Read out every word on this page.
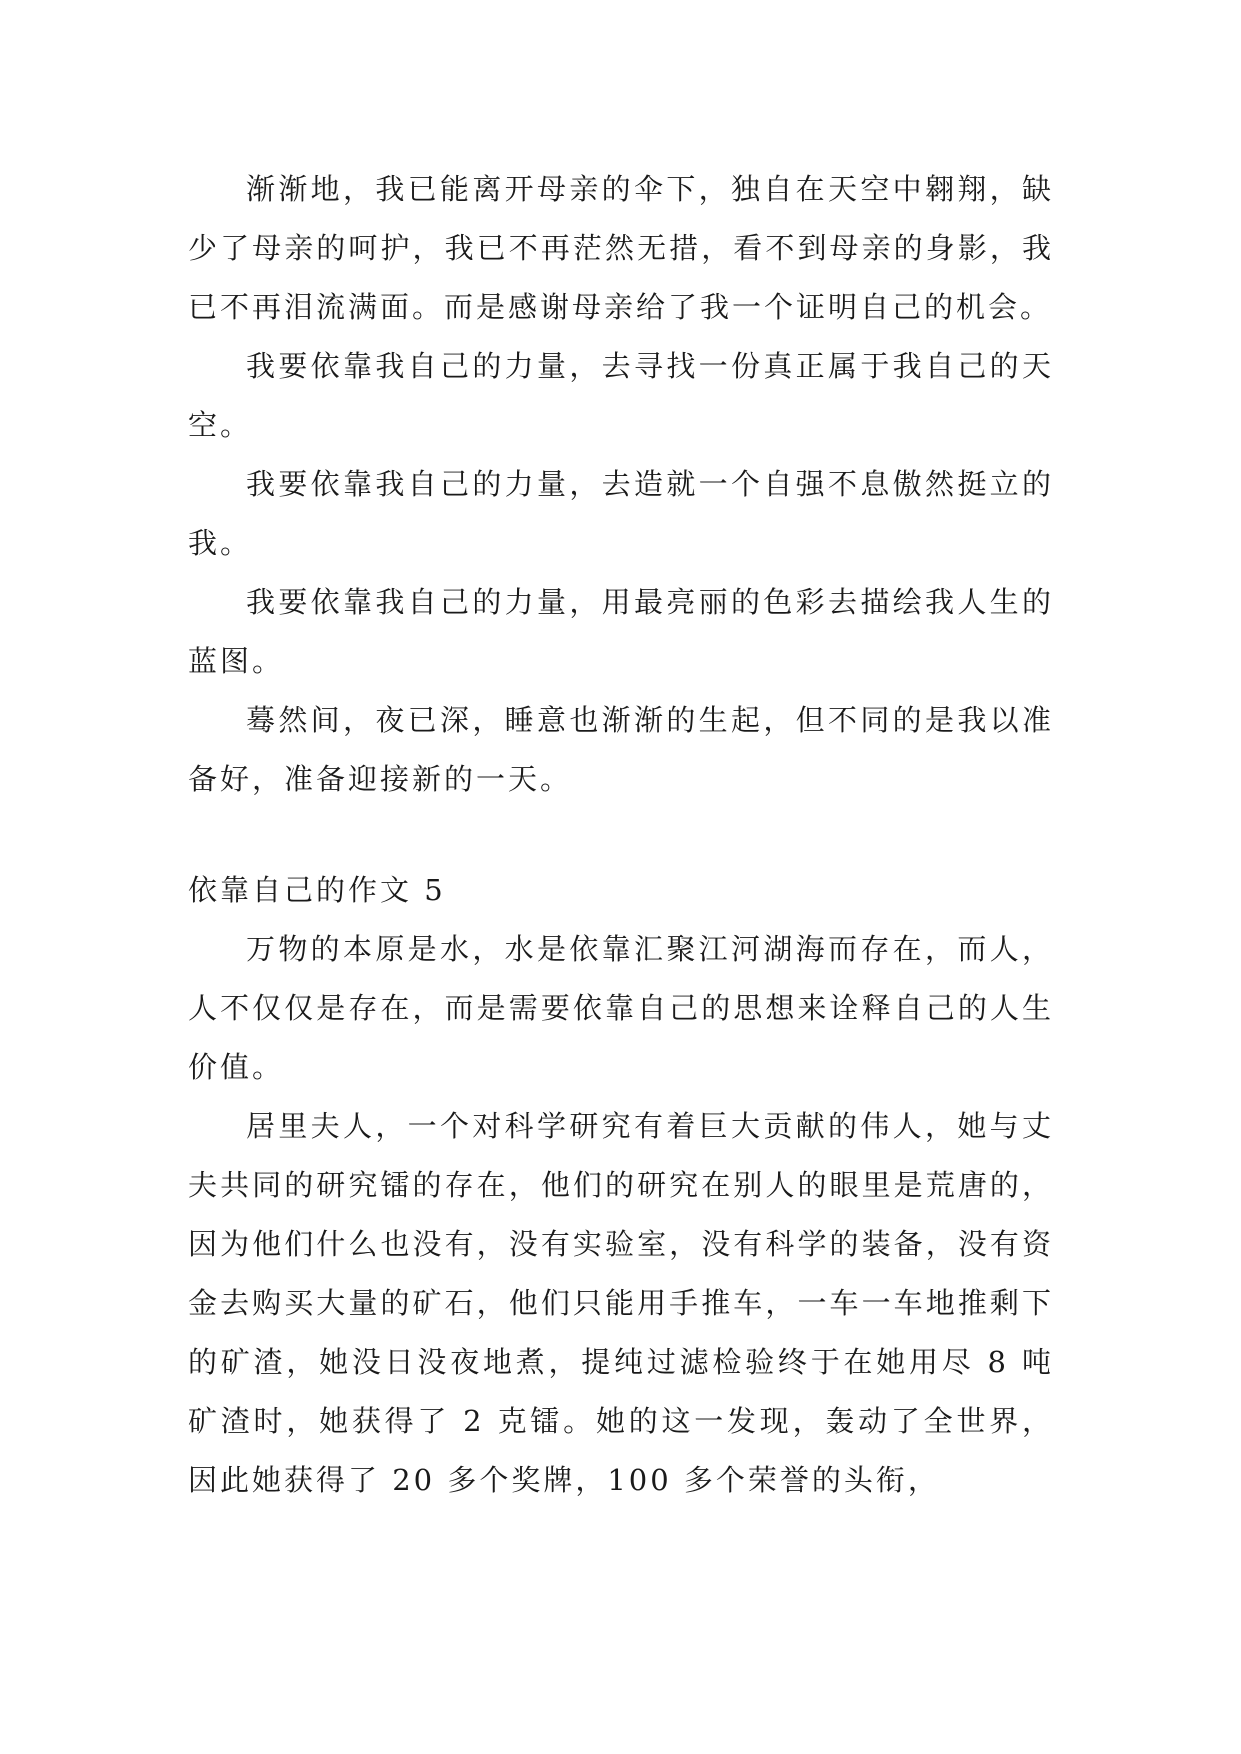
渐渐地，我已能离开母亲的伞下，独自在天空中翱翔，缺少了母亲的呵护，我已不再茫然无措，看不到母亲的身影，我已不再泪流满面。而是感谢母亲给了我一个证明自己的机会。

我要依靠我自己的力量，去寻找一份真正属于我自己的天空。

我要依靠我自己的力量，去造就一个自强不息傲然挺立的我。

我要依靠我自己的力量，用最亮丽的色彩去描绘我人生的蓝图。

蓦然间，夜已深，睡意也渐渐的生起，但不同的是我以准备好，准备迎接新的一天。

依靠自己的作文 5

万物的本原是水，水是依靠汇聚江河湖海而存在，而人，人不仅仅是存在，而是需要依靠自己的思想来诠释自己的人生价值。

居里夫人，一个对科学研究有着巨大贡献的伟人，她与丈夫共同的研究镭的存在，他们的研究在别人的眼里是荒唐的，因为他们什么也没有，没有实验室，没有科学的装备，没有资金去购买大量的矿石，他们只能用手推车，一车一车地推剩下的矿渣，她没日没夜地煮，提纯过滤检验终于在她用尽 8 吨矿渣时，她获得了 2 克镭。她的这一发现，轰动了全世界，因此她获得了 20 多个奖牌，100 多个荣誉的头衔，
